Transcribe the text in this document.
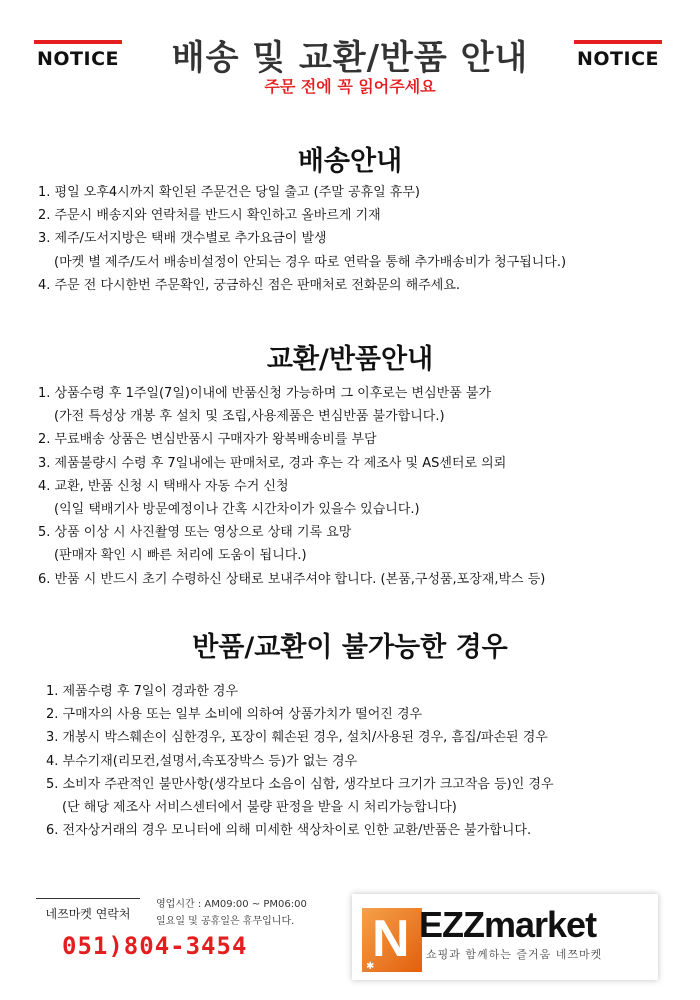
NOTICE	NOTICE
배송 및 교환/반품 안내
주문 전에 꼭 읽어주세요
배송안내
1. 평일 오후4시까지 확인된 주문건은 당일 출고 (주말 공휴일 휴무)
2. 주문시 배송지와 연락처를 반드시 확인하고 올바르게 기재
3. 제주/도서지방은 택배 갯수별로 추가요금이 발생
(마켓 별 제주/도서 배송비설정이 안되는 경우 따로 연락을 통해 추가배송비가 청구됩니다.)
4. 주문 전 다시한번 주문확인, 궁금하신 점은 판매처로 전화문의 해주세요.
교환/반품안내
1. 상품수령 후 1주일(7일)이내에 반품신청 가능하며 그 이후로는 변심반품 불가
(가전 특성상 개봉 후 설치 및 조립,사용제품은 변심반품 불가합니다.)
2. 무료배송 상품은 변심반품시 구매자가 왕복배송비를 부담
3. 제품불량시 수령 후 7일내에는 판매처로, 경과 후는 각 제조사 및 AS센터로 의뢰
4. 교환, 반품 신청 시 택배사 자동 수거 신청
(익일 택배기사 방문예정이나 간혹 시간차이가 있을수 있습니다.)
5. 상품 이상 시 사진촬영 또는 영상으로 상태 기록 요망
(판매자 확인 시 빠른 처리에 도움이 됩니다.)
6. 반품 시 반드시 초기 수령하신 상태로 보내주셔야 합니다. (본품,구성품,포장재,박스 등)
반품/교환이 불가능한 경우
1. 제품수령 후 7일이 경과한 경우
2. 구매자의 사용 또는 일부 소비에 의하여 상품가치가 떨어진 경우
3. 개봉시 박스훼손이 심한경우, 포장이 훼손된 경우, 설치/사용된 경우, 흠집/파손된 경우
4. 부수기재(리모컨,설명서,속포장박스 등)가 없는 경우
5. 소비자 주관적인 불만사항(생각보다 소음이 심함, 생각보다 크기가 크고작음 등)인 경우
(단 해당 제조사 서비스센터에서 불량 판정을 받을 시 처리가능합니다)
6. 전자상거래의 경우 모니터에 의해 미세한 색상차이로 인한 교환/반품은 불가합니다.
네쯔마켓 연락처
영업시간 : AM09:00 ~ PM06:00
일요일 및 공휴일은 휴무입니다.
051)804-3454 N
✱
EZZmarket
쇼핑과 함께하는 즐거움 네쯔마켓
